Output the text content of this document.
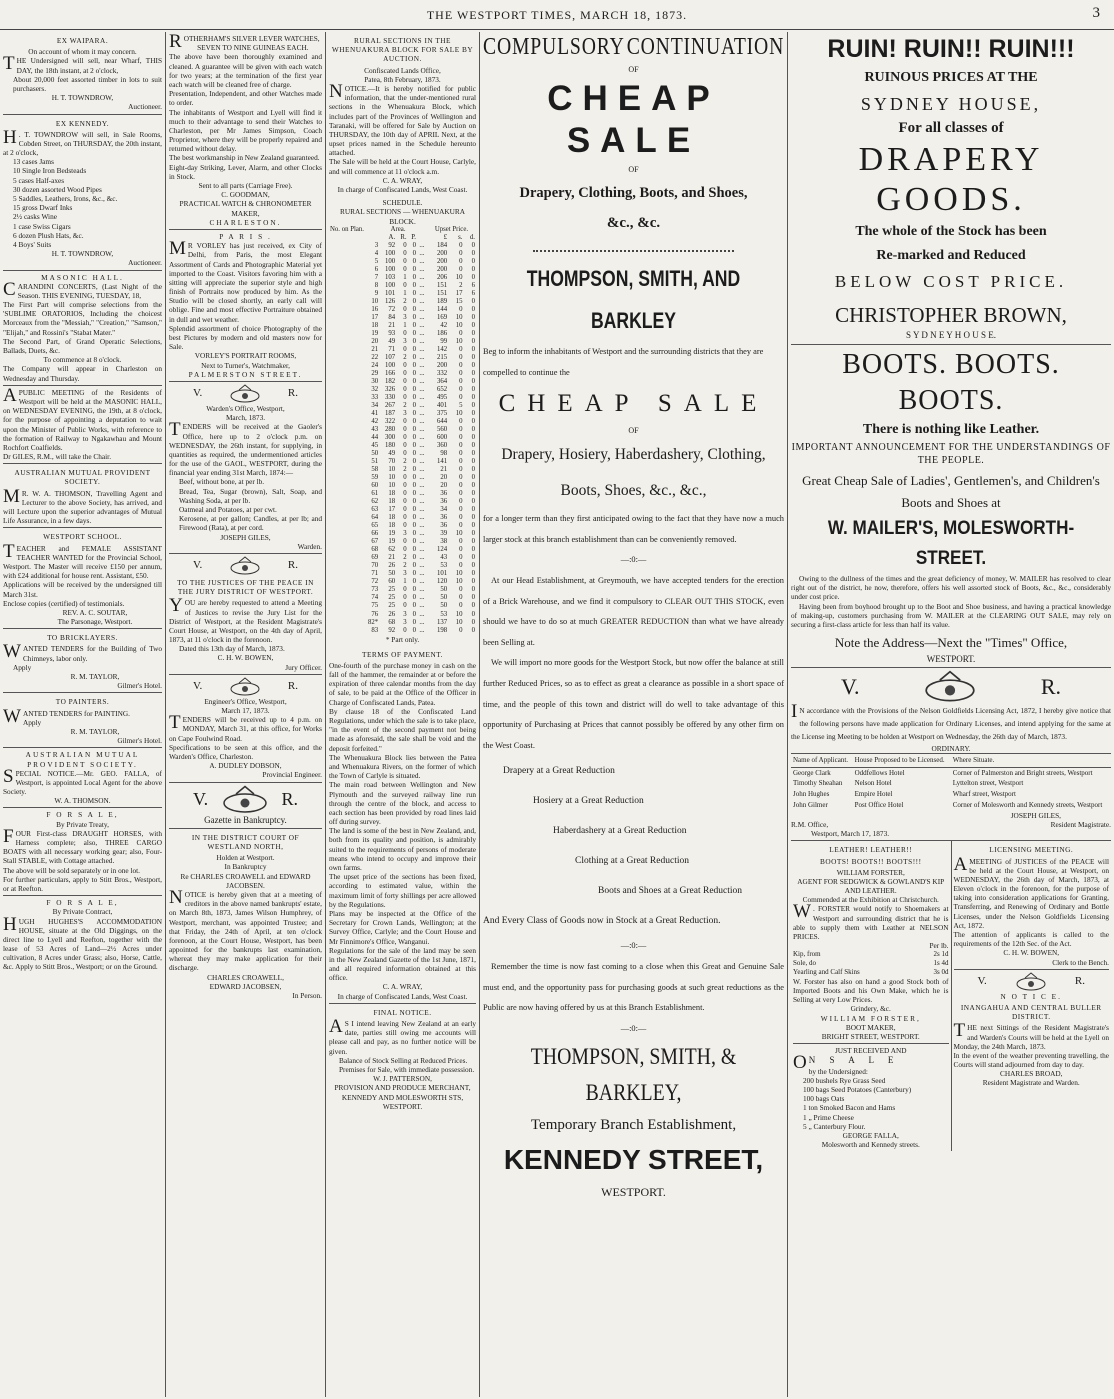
THE WESTPORT TIMES, MARCH 18, 1873.	3
EX WAIPARA.
On account of whom it may concern.
THE Undersigned will sell, near Wharf, THIS DAY, the 18th instant, at 2 o'clock,
About 20,000 feet assorted timber in lots to suit purchasers.
H. T. TOWNDROW,
Auctioneer.
EX KENNEDY.
H . T. TOWNDROW will sell, in Sale Rooms, Cobden Street, on THURSDAY, the 20th instant, at 2 o'clock,
13 cases Jams
10 Single Iron Bedsteads
5 cases Half-axes
30 dozen assorted Wood Pipes
5 Saddles, Leathers, Irons, &c., &c.
15 gross Dwarf Inks
2½ casks Wine
1 case Swiss Cigars
6 dozen Plush Hats, &c.
4 Boys' Suits
H. T. TOWNDROW,
Auctioneer.
MASONIC HALL.
CARANDINI CONCERTS, (Last Night of the Season. THIS EVENING, TUESDAY, 18,
The First Part will comprise selections from the 'SUBLIME ORATORIOS, Including the choicest Morceaux from the "Messiah," "Creation," "Samson," "Elijah," and Rossini's "Stabat Mater."
The Second Part, of Grand Operatic Selections, Ballads, Duets, &c.
To commence at 8 o'clock.
The Company will appear in Charleston on Wednesday and Thursday.
A PUBLIC MEETING of the Residents of Westport will be held at the MASONIC HALL, on WEDNESDAY EVENING, the 19th, at 8 o'clock, for the purpose of appointing a deputation to wait upon the Minister of Public Works, with reference to the formation of Railway to Ngakawhau and Mount Rochfort Coalfields.
Dr GILES, R.M., will take the Chair.
AUSTRALIAN MUTUAL PROVIDENT SOCIETY.
M R. W. A. THOMSON, Travelling Agent and Lecturer to the above Society, has arrived, and will Lecture upon the superior advantages of Mutual Life Assurance, in a few days.
WESTPORT SCHOOL.
TEACHER and FEMALE ASSISTANT TEACHER WANTED for the Provincial School, Westport. The Master will receive £150 per annum, with £24 additional for house rent. Assistant, £50.
Applications will be received by the undersigned till March 31st.
Enclose copies (certified) of testimonials.
REV. A. C. SOUTAR,
The Parsonage, Westport.
TO BRICKLAYERS.
WANTED TENDERS for the Building of Two Chimneys, labor only.
Apply
R. M. TAYLOR,
Gilmer's Hotel.
TO PAINTERS.
WANTED TENDERS for PAINTING.
Apply
R. M. TAYLOR,
Gilmer's Hotel.
AUSTRALIAN MUTUAL PROVIDENT SOCIETY.
SPECIAL NOTICE.—Mr. GEO. FALLA, of Westport, is appointed Local Agent for the above Society.
W. A. THOMSON.
F O R S A L E,
By Private Treaty,
FOUR First-class DRAUGHT HORSES, with Harness complete; also, THREE CARGO BOATS with all necessary working gear; also, Four-Stall STABLE, with Cottage attached.
The above will be sold separately or in one lot.
For further particulars, apply to Stitt Bros., Westport, or at Reefton.
F O R S A L E,
By Private Contract,
HUGH HUGHES'S ACCOMMODATION HOUSE, situate at the Old Diggings, on the direct line to Lyell and Reefton, together with the lease of 53 Acres of Land—2½ Acres under cultivation, 8 Acres under Grass; also, Horse, Cattle, &c. Apply to Stitt Bros., Westport; or on the Ground.
ROTHERHAM'S SILVER LEVER WATCHES,
SEVEN TO NINE GUINEAS EACH.
The above have been thoroughly examined and cleaned. A guarantee will be given with each watch for two years; at the termination of the first year each watch will be cleaned free of charge.
Presentation, Independent, and other Watches made to order.
The inhabitants of Westport and Lyell will find it much to their advantage to send their Watches to Charleston, per Mr James Simpson, Coach Proprietor, where they will be properly repaired and returned without delay.
The best workmanship in New Zealand guaranteed.
Eight-day Striking, Lever, Alarm, and other Clocks in Stock.
Sent to all parts (Carriage Free).
C. GOODMAN,
PRACTICAL WATCH & CHRONOMETER MAKER,
CHARLESTON.
P A R I S .
M R VORLEY has just received, ex City of Delhi, from Paris, the most Elegant Assortment of Cards and Photographic Material yet imported to the Coast. Visitors favoring him with a sitting will appreciate the superior style and high finish of Portraits now produced by him. As the Studio will be closed shortly, an early call will oblige. Fine and most effective Portraiture obtained in dull and wet weather.
Splendid assortment of choice Photography of the best Pictures by modern and old masters now for Sale.
VORLEY'S PORTRAIT ROOMS,
Next to Turner's, Watchmaker,
PALMERSTON STREET.
V.	R.
Warden's Office, Westport,
March, 1873.
TENDERS will be received at the Gaoler's Office, here up to 2 o'clock p.m. on WEDNESDAY, the 26th instant, for supplying, in quantities as required, the undermentioned articles for the use of the GAOL, WESTPORT, during the financial year ending 31st March, 1874:—
Beef, without bone, at per lb.
Bread, Tea, Sugar (brown), Salt, Soap, and Washing Soda, at per lb.
Oatmeal and Potatoes, at per cwt.
Kerosene, at per gallon; Candles, at per lb; and Firewood (Rata), at per cord.
JOSEPH GILES,
Warden.
V.	R.
TO THE JUSTICES OF THE PEACE IN THE JURY DISTRICT OF WESTPORT.
YOU are hereby requested to attend a Meeting of Justices to revise the Jury List for the District of Westport, at the Resident Magistrate's Court House, at Westport, on the 4th day of April, 1873, at 11 o'clock in the forenoon.
Dated this 13th day of March, 1873.
C. H. W. BOWEN,
Jury Officer.
V.	R.
Engineer's Office, Westport,
March 17, 1873.
TENDERS will be received up to 4 p.m. on MONDAY, March 31, at this office, for Works on Cape Foulwind Road.
Specifications to be seen at this office, and the Warden's Office, Charleston.
A. DUDLEY DOBSON,
Provincial Engineer.
V.	R.
Gazette in Bankruptcy.
IN THE DISTRICT COURT OF WESTLAND NORTH,
Holden at Westport.
In Bankruptcy
Re CHARLES CROAWELL and EDWARD JACOBSEN.
NOTICE is hereby given that at a meeting of creditors in the above named bankrupts' estate, on March 8th, 1873, James Wilson Humphrey, of Westport, merchant, was appointed Trustee; and that Friday, the 24th of April, at ten o'clock forenoon, at the Court House, Westport, has been appointed for the bankrupts last examination, whereat they may make application for their discharge.
CHARLES CROAWELL,
EDWARD JACOBSEN,
In Person.
RURAL SECTIONS IN THE WHENUAKURA BLOCK FOR SALE BY AUCTION.
Confiscated Lands Office,
Patea, 8th February, 1873.
NOTICE.—It is hereby notified for public information, that the under-mentioned rural sections in the Whenuakura Block, which includes part of the Provinces of Wellington and Taranaki, will be offered for Sale by Auction on THURSDAY, the 10th day of APRIL Next, at the upset prices named in the Schedule hereunto attached.
The Sale will be held at the Court House, Carlyle, and will commence at 11 o'clock a.m.
C. A. WRAY,
In charge of Confiscated Lands, West Coast.
SCHEDULE.
RURAL SECTIONS — WHENUAKURA BLOCK.
No. on Plan.	Area.				Upset Price.		
	A.	R.	P.		£	s.	d.
3	92	0	0	...	184	0	0
4	100	0	0	...	200	0	0
5	100	0	0	...	200	0	0
6	100	0	0	...	200	0	0
7	103	1	0	...	206	10	0
8	100	0	0	...	151	2	6
9	101	1	0	...	151	17	6
10	126	2	0	...	189	15	0
16	72	0	0	...	144	0	0
17	84	3	0	...	169	10	0
18	21	1	0	...	42	10	0
19	93	0	0	...	186	0	0
20	49	3	0	...	99	10	0
21	71	0	0	...	142	0	0
22	107	2	0	...	215	0	0
24	100	0	0	...	200	0	0
29	166	0	0	...	332	0	0
30	182	0	0	...	364	0	0
32	326	0	0	...	652	0	0
33	330	0	0	...	495	0	0
34	267	2	0	...	401	5	0
41	187	3	0	...	375	10	0
42	322	0	0	...	644	0	0
43	280	0	0	...	560	0	0
44	300	0	0	...	600	0	0
45	180	0	0	...	360	0	0
50	49	0	0	...	98	0	0
51	70	2	0	...	141	0	0
58	10	2	0	...	21	0	0
59	10	0	0	...	20	0	0
60	10	0	0	...	20	0	0
61	18	0	0	...	36	0	0
62	18	0	0	...	36	0	0
63	17	0	0	...	34	0	0
64	18	0	0	...	36	0	0
65	18	0	0	...	36	0	0
66	19	3	0	...	39	10	0
67	19	0	0	...	38	0	0
68	62	0	0	...	124	0	0
69	21	2	0	...	43	0	0
70	26	2	0	...	53	0	0
71	50	3	0	...	101	10	0
72	60	1	0	...	120	10	0
73	25	0	0	...	50	0	0
74	25	0	0	...	50	0	0
75	25	0	0	...	50	0	0
76	26	3	0	...	53	10	0
82*	68	3	0	...	137	10	0
83	92	0	0	...	198	0	0
* Part only.
TERMS OF PAYMENT.
One-fourth of the purchase money in cash on the fall of the hammer, the remainder at or before the expiration of three calendar months from the day of sale, to be paid at the Office of the Officer in Charge of Confiscated Lands, Patea.
By clause 18 of the Confiscated Land Regulations, under which the sale is to take place, "in the event of the second payment not being made as aforesaid, the sale shall be void and the deposit forfeited."
The Whenuakura Block lies between the Patea and Whenuakura Rivers, on the former of which the Town of Carlyle is situated.
The main road between Wellington and New Plymouth and the surveyed railway line run through the centre of the block, and access to each section has been provided by road lines laid off during survey.
The land is some of the best in New Zealand, and, both from its quality and position, is admirably suited to the requirements of persons of moderate means who intend to occupy and improve their own farms.
The upset price of the sections has been fixed, according to estimated value, within the maximum limit of forty shillings per acre allowed by the Regulations.
Plans may be inspected at the Office of the Secretary for Crown Lands, Wellington; at the Survey Office, Carlyle; and the Court House and Mr Finnimore's Office, Wanganui.
Regulations for the sale of the land may be seen in the New Zealand Gazette of the 1st June, 1871, and all required information obtained at this office.
C. A. WRAY,
In charge of Confiscated Lands, West Coast.
FINAL NOTICE.
A S I intend leaving New Zealand at an early date, parties still owing me accounts will please call and pay, as no further notice will be given.
Balance of Stock Selling at Reduced Prices.
Premises for Sale, with immediate possession.
W. J. PATTERSON,
PROVISION AND PRODUCE MERCHANT,
KENNEDY AND MOLESWORTH STS,
WESTPORT.
COMPULSORY CONTINUATION
OF
CHEAP SALE
OF
Drapery, Clothing, Boots, and Shoes,
&c., &c.
THOMPSON, SMITH, AND BARKLEY
Beg to inform the inhabitants of Westport and the surrounding districts that they are compelled to continue the
CHEAP SALE
OF
Drapery, Hosiery, Haberdashery, Clothing,
Boots, Shoes, &c., &c.,
for a longer term than they first anticipated owing to the fact that they have now a much larger stock at this branch establishment than can be conveniently removed.
—:0:—
At our Head Establishment, at Greymouth, we have accepted tenders for the erection of a Brick Warehouse, and we find it compulsory to CLEAR OUT THIS STOCK, even should we have to do so at much GREATER REDUCTION than what we have already been Selling at.
We will import no more goods for the Westport Stock, but now offer the balance at still further Reduced Prices, so as to effect as great a clearance as possible in a short space of time, and the people of this town and district will do well to take advantage of this opportunity of Purchasing at Prices that cannot possibly be offered by any other firm on the West Coast.
Drapery at a Great Reduction
Hosiery at a Great Reduction
Haberdashery at a Great Reduction
Clothing at a Great Reduction
Boots and Shoes at a Great Reduction
And Every Class of Goods now in Stock at a Great Reduction.
—:0:—
Remember the time is now fast coming to a close when this Great and Genuine Sale must end, and the opportunity pass for purchasing goods at such great reductions as the Public are now having offered by us at this Branch Establishment.
—:0:—
THOMPSON, SMITH, & BARKLEY,
Temporary Branch Establishment,
KENNEDY STREET,
WESTPORT.
RUIN! RUIN!! RUIN!!!
RUINOUS PRICES AT THE
SYDNEY HOUSE,
For all classes of
DRAPERY GOODS.
The whole of the Stock has been
Re-marked and Reduced
BELOW COST PRICE.
CHRISTOPHER BROWN,
S Y D N E Y H O U S E.
BOOTS. BOOTS. BOOTS.
There is nothing like Leather.
IMPORTANT ANNOUNCEMENT FOR THE UNDERSTANDINGS OF THE PEOPLE.
Great Cheap Sale of Ladies', Gentlemen's, and Children's Boots and Shoes at
W. MAILER'S, MOLESWORTH-STREET.
Owing to the dullness of the times and the great deficiency of money, W. MAILER has resolved to clear right out of the district, he now, therefore, offers his well assorted stock of Boots, &c., &c., considerably under cost price.
Having been from boyhood brought up to the Boot and Shoe business, and having a practical knowledge of making-up, customers purchasing from W. MAILER at the CLEARING OUT SALE, may rely on securing a first-class article for less than half its value.
Note the Address—Next the "Times" Office,
WESTPORT.
V.	R.
I N accordance with the Provisions of the Nelson Goldfields Licensing Act, 1872, I hereby give notice that the following persons have made application for Ordinary Licenses, and intend applying for the same at the License ing Meeting to be holden at Westport on Wednesday, the 26th day of March, 1873.
ORDINARY.
Name of Applicant.	House Proposed to be Licensed.	Where Situate.
George Clark	Oddfellows Hotel	Corner of Palmerston and Bright streets, Westport
Timothy Sheahan	Nelson Hotel	Lyttelton street, Westport
John Hughes	Empire Hotel	Wharf street, Westport
John Gilmer	Post Office Hotel	Corner of Molesworth and Kennedy streets, Westport
JOSEPH GILES,
R.M. Office,	Resident Magistrate.
Westport, March 17, 1873.
LEATHER! LEATHER!!
BOOTS! BOOTS!! BOOTS!!!
WILLIAM FORSTER,
AGENT FOR SEDGWICK & GOWLAND'S KIP AND LEATHER.
Commended at the Exhibition at Christchurch.
W . FORSTER would notify to Shoemakers at Westport and surrounding district that he is able to supply them with Leather at NELSON PRICES.
Per lb.
Kip, from	2s 1d
Sole, do	1s 4d
Yearling and Calf Skins	3s 0d
W. Forster has also on hand a good Stock both of Imported Boots and his Own Make, which he is Selling at very Low Prices.
Grindery, &c.
WILLIAM FORSTER,
BOOT MAKER,
BRIGHT STREET, WESTPORT.
JUST RECEIVED AND
O N S A L E
by the Undersigned:
200 bushels Rye Grass Seed
100 bags Seed Potatoes (Canterbury)
100 bags Oats
1 ton Smoked Bacon and Hams
1 „ Prime Cheese
5 „ Canterbury Flour.
GEORGE FALLA,
Molesworth and Kennedy streets.
LICENSING MEETING.
A MEETING of JUSTICES of the PEACE will be held at the Court House, at Westport, on WEDNESDAY, the 26th day of March, 1873, at Eleven o'clock in the forenoon, for the purpose of taking into consideration applications for Granting, Transferring, and Renewing of Ordinary and Bottle Licenses, under the Nelson Goldfields Licensing Act, 1872.
The attention of applicants is called to the requirements of the 12th Sec. of the Act.
C. H. W. BOWEN,
Clerk to the Bench.
V.	R.
N O T I C E.
INANGAHUA AND CENTRAL BULLER DISTRICT.
THE next Sittings of the Resident Magistrate's and Warden's Courts will be held at the Lyell on Monday, the 24th March, 1873.
In the event of the weather preventing travelling, the Courts will stand adjourned from day to day.
CHARLES BROAD,
Resident Magistrate and Warden.
